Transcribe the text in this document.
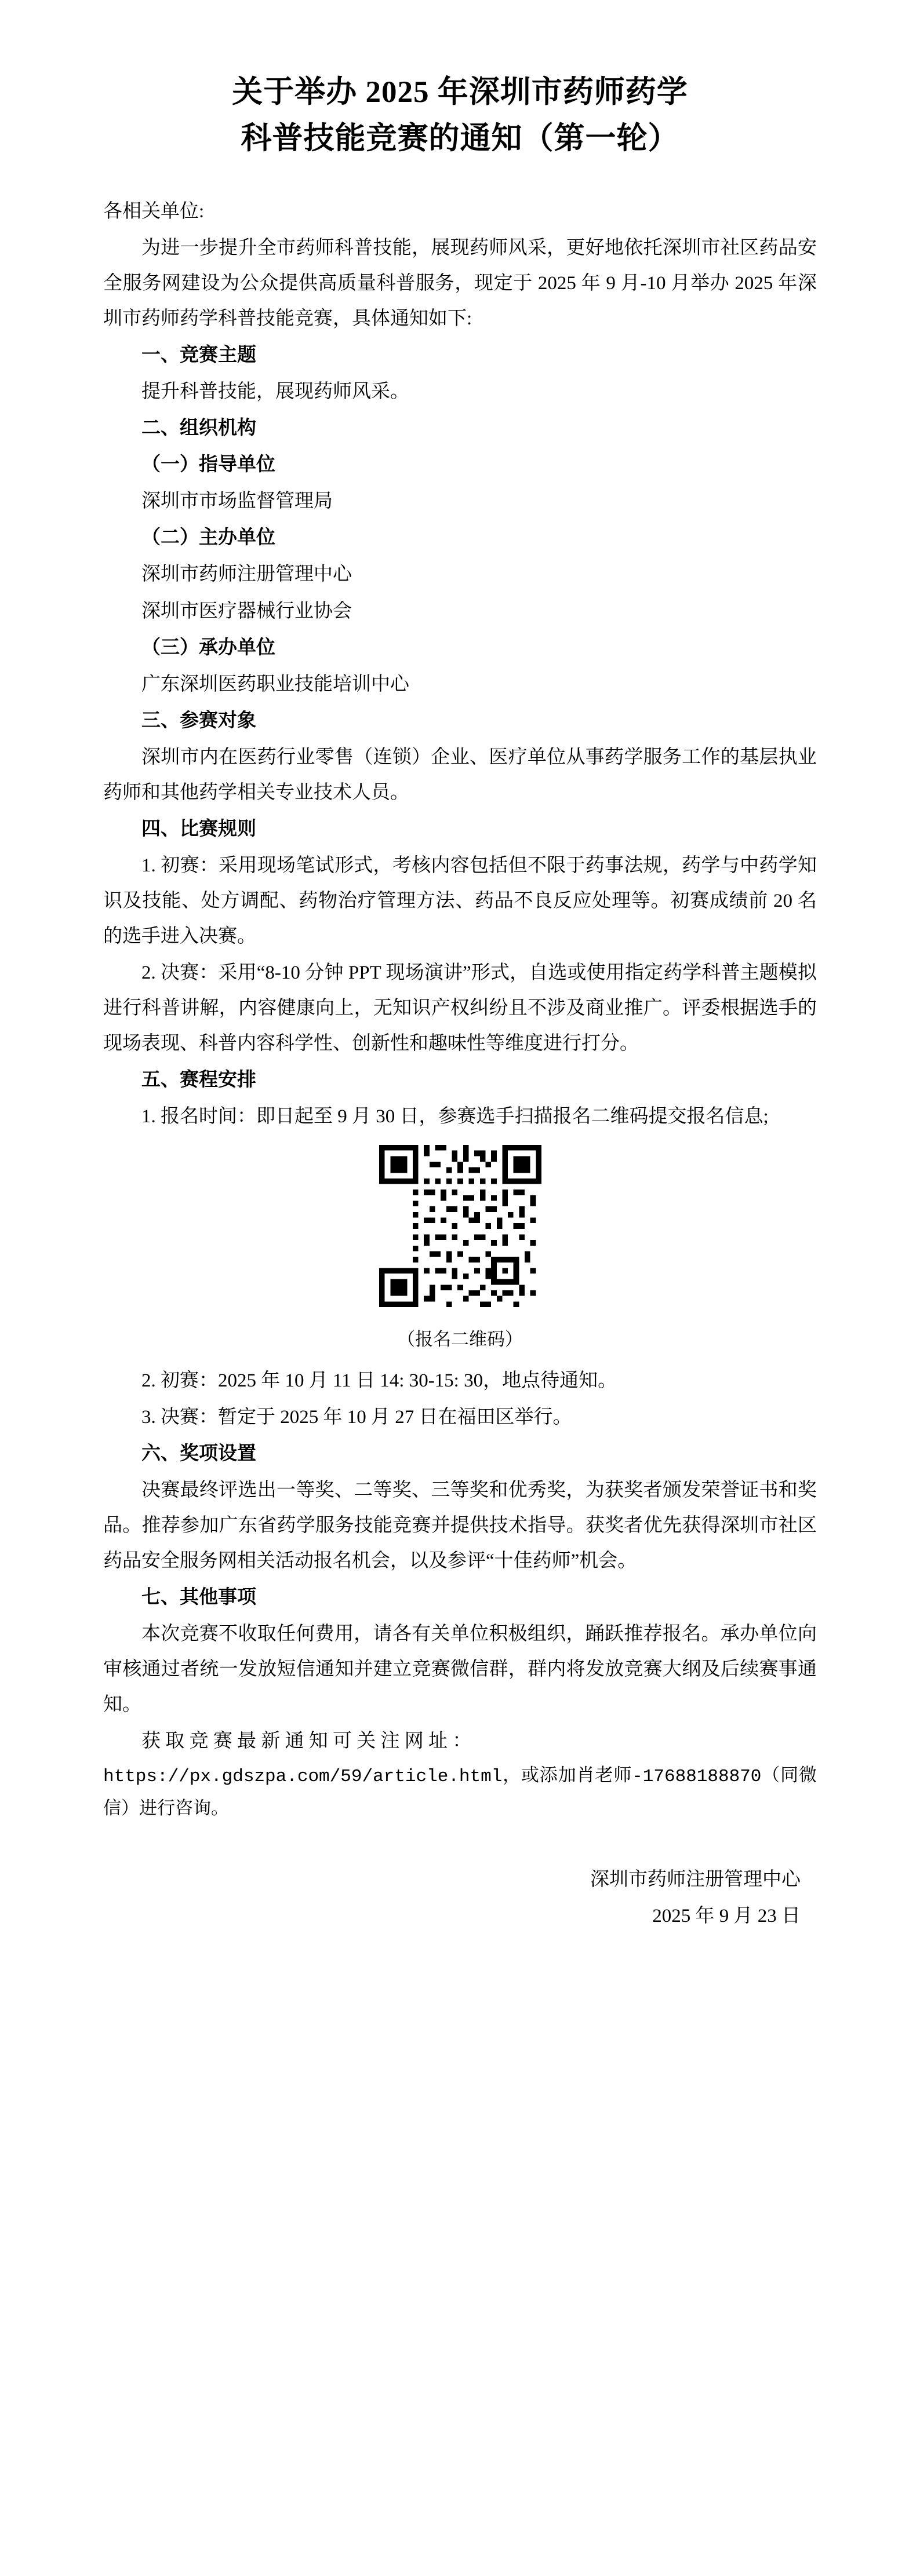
关于举办 2025 年深圳市药师药学
科普技能竞赛的通知（第一轮）

各相关单位:

为进一步提升全市药师科普技能，展现药师风采，更好地依托深圳市社区药品安全服务网建设为公众提供高质量科普服务，现定于 2025 年 9 月-10 月举办 2025 年深圳市药师药学科普技能竞赛，具体通知如下:

一、竞赛主题

提升科普技能，展现药师风采。

二、组织机构

（一）指导单位

深圳市市场监督管理局

（二）主办单位

深圳市药师注册管理中心

深圳市医疗器械行业协会

（三）承办单位

广东深圳医药职业技能培训中心

三、参赛对象

深圳市内在医药行业零售（连锁）企业、医疗单位从事药学服务工作的基层执业药师和其他药学相关专业技术人员。

四、比赛规则

1. 初赛：采用现场笔试形式，考核内容包括但不限于药事法规，药学与中药学知识及技能、处方调配、药物治疗管理方法、药品不良反应处理等。初赛成绩前 20 名的选手进入决赛。

2. 决赛：采用“8-10 分钟 PPT 现场演讲”形式，自选或使用指定药学科普主题模拟进行科普讲解，内容健康向上，无知识产权纠纷且不涉及商业推广。评委根据选手的现场表现、科普内容科学性、创新性和趣味性等维度进行打分。

五、赛程安排

1. 报名时间：即日起至 9 月 30 日，参赛选手扫描报名二维码提交报名信息;

（报名二维码）

2. 初赛：2025 年 10 月 11 日 14: 30-15: 30，地点待通知。

3. 决赛：暂定于 2025 年 10 月 27 日在福田区举行。

六、奖项设置

决赛最终评选出一等奖、二等奖、三等奖和优秀奖，为获奖者颁发荣誉证书和奖品。推荐参加广东省药学服务技能竞赛并提供技术指导。获奖者优先获得深圳市社区药品安全服务网相关活动报名机会，以及参评“十佳药师”机会。

七、其他事项

本次竞赛不收取任何费用，请各有关单位积极组织，踊跃推荐报名。承办单位向审核通过者统一发放短信通知并建立竞赛微信群，群内将发放竞赛大纲及后续赛事通知。

获 取 竞 赛 最 新 通 知 可 关 注 网 址 ：

https://px.gdszpa.com/59/article.html，或添加肖老师-17688188870（同微信）进行咨询。

深圳市药师注册管理中心
2025 年 9 月 23 日
